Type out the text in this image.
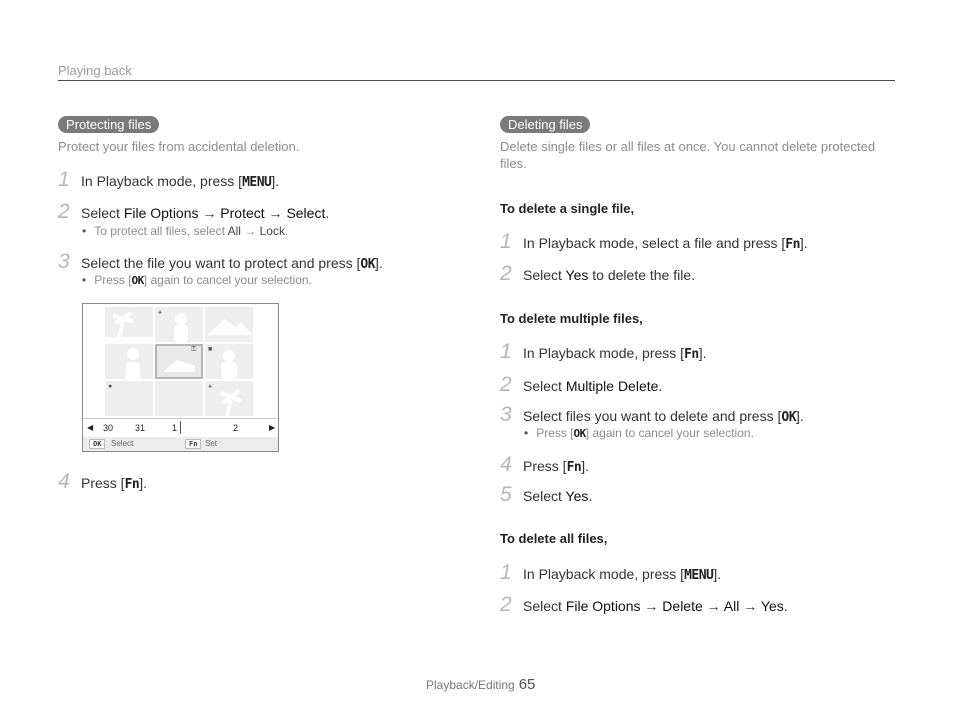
Playing back
Protecting files
Protect your files from accidental deletion.
1 In Playback mode, press [MENU].
2 Select File Options → Protect → Select.
• To protect all files, select All → Lock.
3 Select the file you want to protect and press [OK].
• Press [OK] again to cancel your selection.
⚹
⚿ ■
●	⚹
◀ 30 31	1	2	▶
OK	Select	Fn Set
4 Press [Fn].
Deleting files
Delete single files or all files at once. You cannot delete protected files.
To delete a single file,
1 In Playback mode, select a file and press [Fn].
2 Select Yes to delete the file.
To delete multiple files,
1 In Playback mode, press [Fn].
2 Select Multiple Delete.
3 Select files you want to delete and press [OK].
• Press [OK] again to cancel your selection.
4 Press [Fn].
5 Select Yes.
To delete all files,
1 In Playback mode, press [MENU].
2 Select File Options → Delete → All → Yes.
Playback/Editing 65
